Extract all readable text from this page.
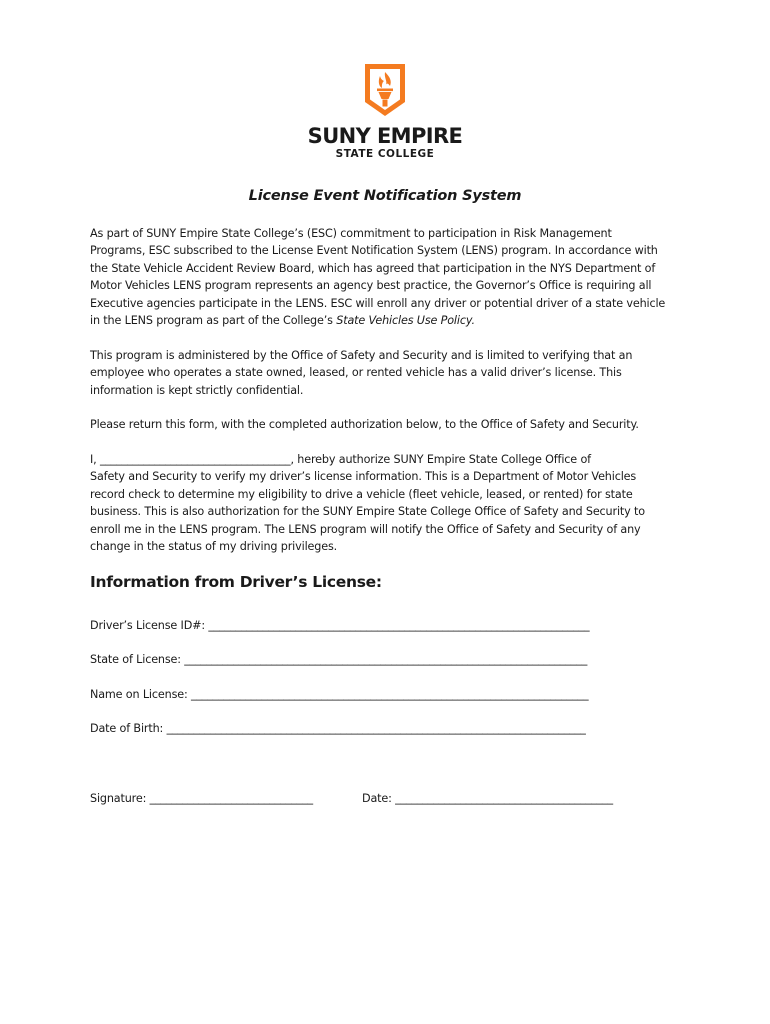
SUNY EMPIRE
STATE COLLEGE
License Event Notification System
As part of SUNY Empire State College’s (ESC) commitment to participation in Risk Management
Programs, ESC subscribed to the License Event Notification System (LENS) program. In accordance with
the State Vehicle Accident Review Board, which has agreed that participation in the NYS Department of
Motor Vehicles LENS program represents an agency best practice, the Governor’s Office is requiring all
Executive agencies participate in the LENS. ESC will enroll any driver or potential driver of a state vehicle
in the LENS program as part of the College’s State Vehicles Use Policy.
This program is administered by the Office of Safety and Security and is limited to verifying that an
employee who operates a state owned, leased, or rented vehicle has a valid driver’s license. This
information is kept strictly confidential.
Please return this form, with the completed authorization below, to the Office of Safety and Security.
I, ___________________________________, hereby authorize SUNY Empire State College Office of
Safety and Security to verify my driver’s license information. This is a Department of Motor Vehicles
record check to determine my eligibility to drive a vehicle (fleet vehicle, leased, or rented) for state
business. This is also authorization for the SUNY Empire State College Office of Safety and Security to
enroll me in the LENS program. The LENS program will notify the Office of Safety and Security of any
change in the status of my driving privileges.
Information from Driver’s License:
Driver’s License ID#: ______________________________________________________________________
State of License: __________________________________________________________________________
Name on License: _________________________________________________________________________
Date of Birth: _____________________________________________________________________________
Signature: ______________________________	Date: ________________________________________
